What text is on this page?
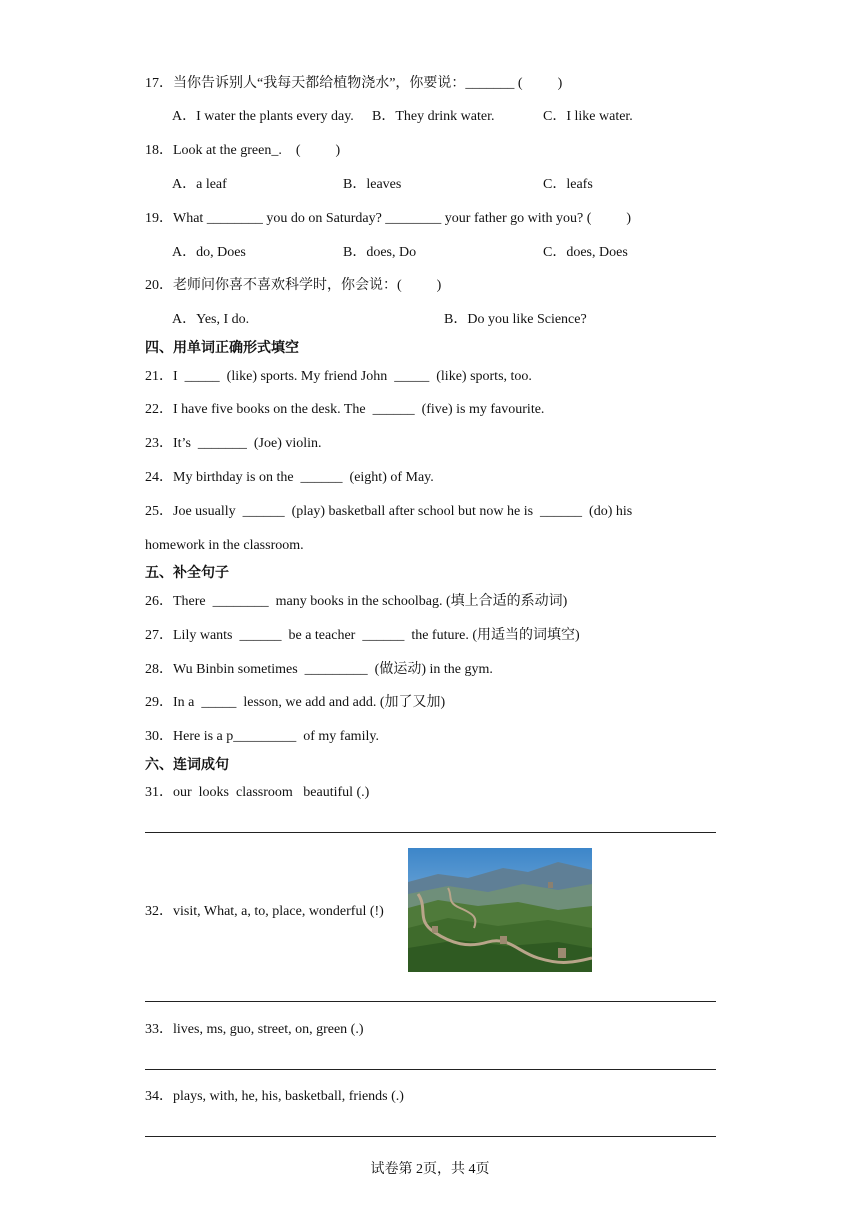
17．当你告诉别人“我每天都给植物浇水”，你要说：_______ (          )
A．I water the plants every day. B．They drink water.	C．I like water.
18．Look at the green_.    (          )
A．a leaf	B．leaves	C．leafs
19．What ________ you do on Saturday? ________ your father go with you? (          )
A．do, Does	B．does, Do	C．does, Does
20．老师问你喜不喜欢科学时，你会说：(          )
A．Yes, I do.	B．Do you like Science?
四、用单词正确形式填空
21．I  _____  (like) sports. My friend John  _____  (like) sports, too.
22．I have five books on the desk. The  ______  (five) is my favourite.
23．It’s  _______  (Joe) violin.
24．My birthday is on the  ______  (eight) of May.
25．Joe usually  ______  (play) basketball after school but now he is  ______  (do) his
homework in the classroom.
五、补全句子
26．There  ________  many books in the schoolbag. (填上合适的系动词)
27．Lily wants  ______  be a teacher  ______  the future. (用适当的词填空)
28．Wu Binbin sometimes  _________  (做运动) in the gym.
29．In a  _____  lesson, we add and add. (加了又加)
30．Here is a p_________  of my family.
六、连词成句
31．our  looks  classroom   beautiful (.)
32．visit, What, a, to, place, wonderful (!)
33．lives, ms, guo, street, on, green (.)
34．plays, with, he, his, basketball, friends (.)
试卷第 2页，共 4页
